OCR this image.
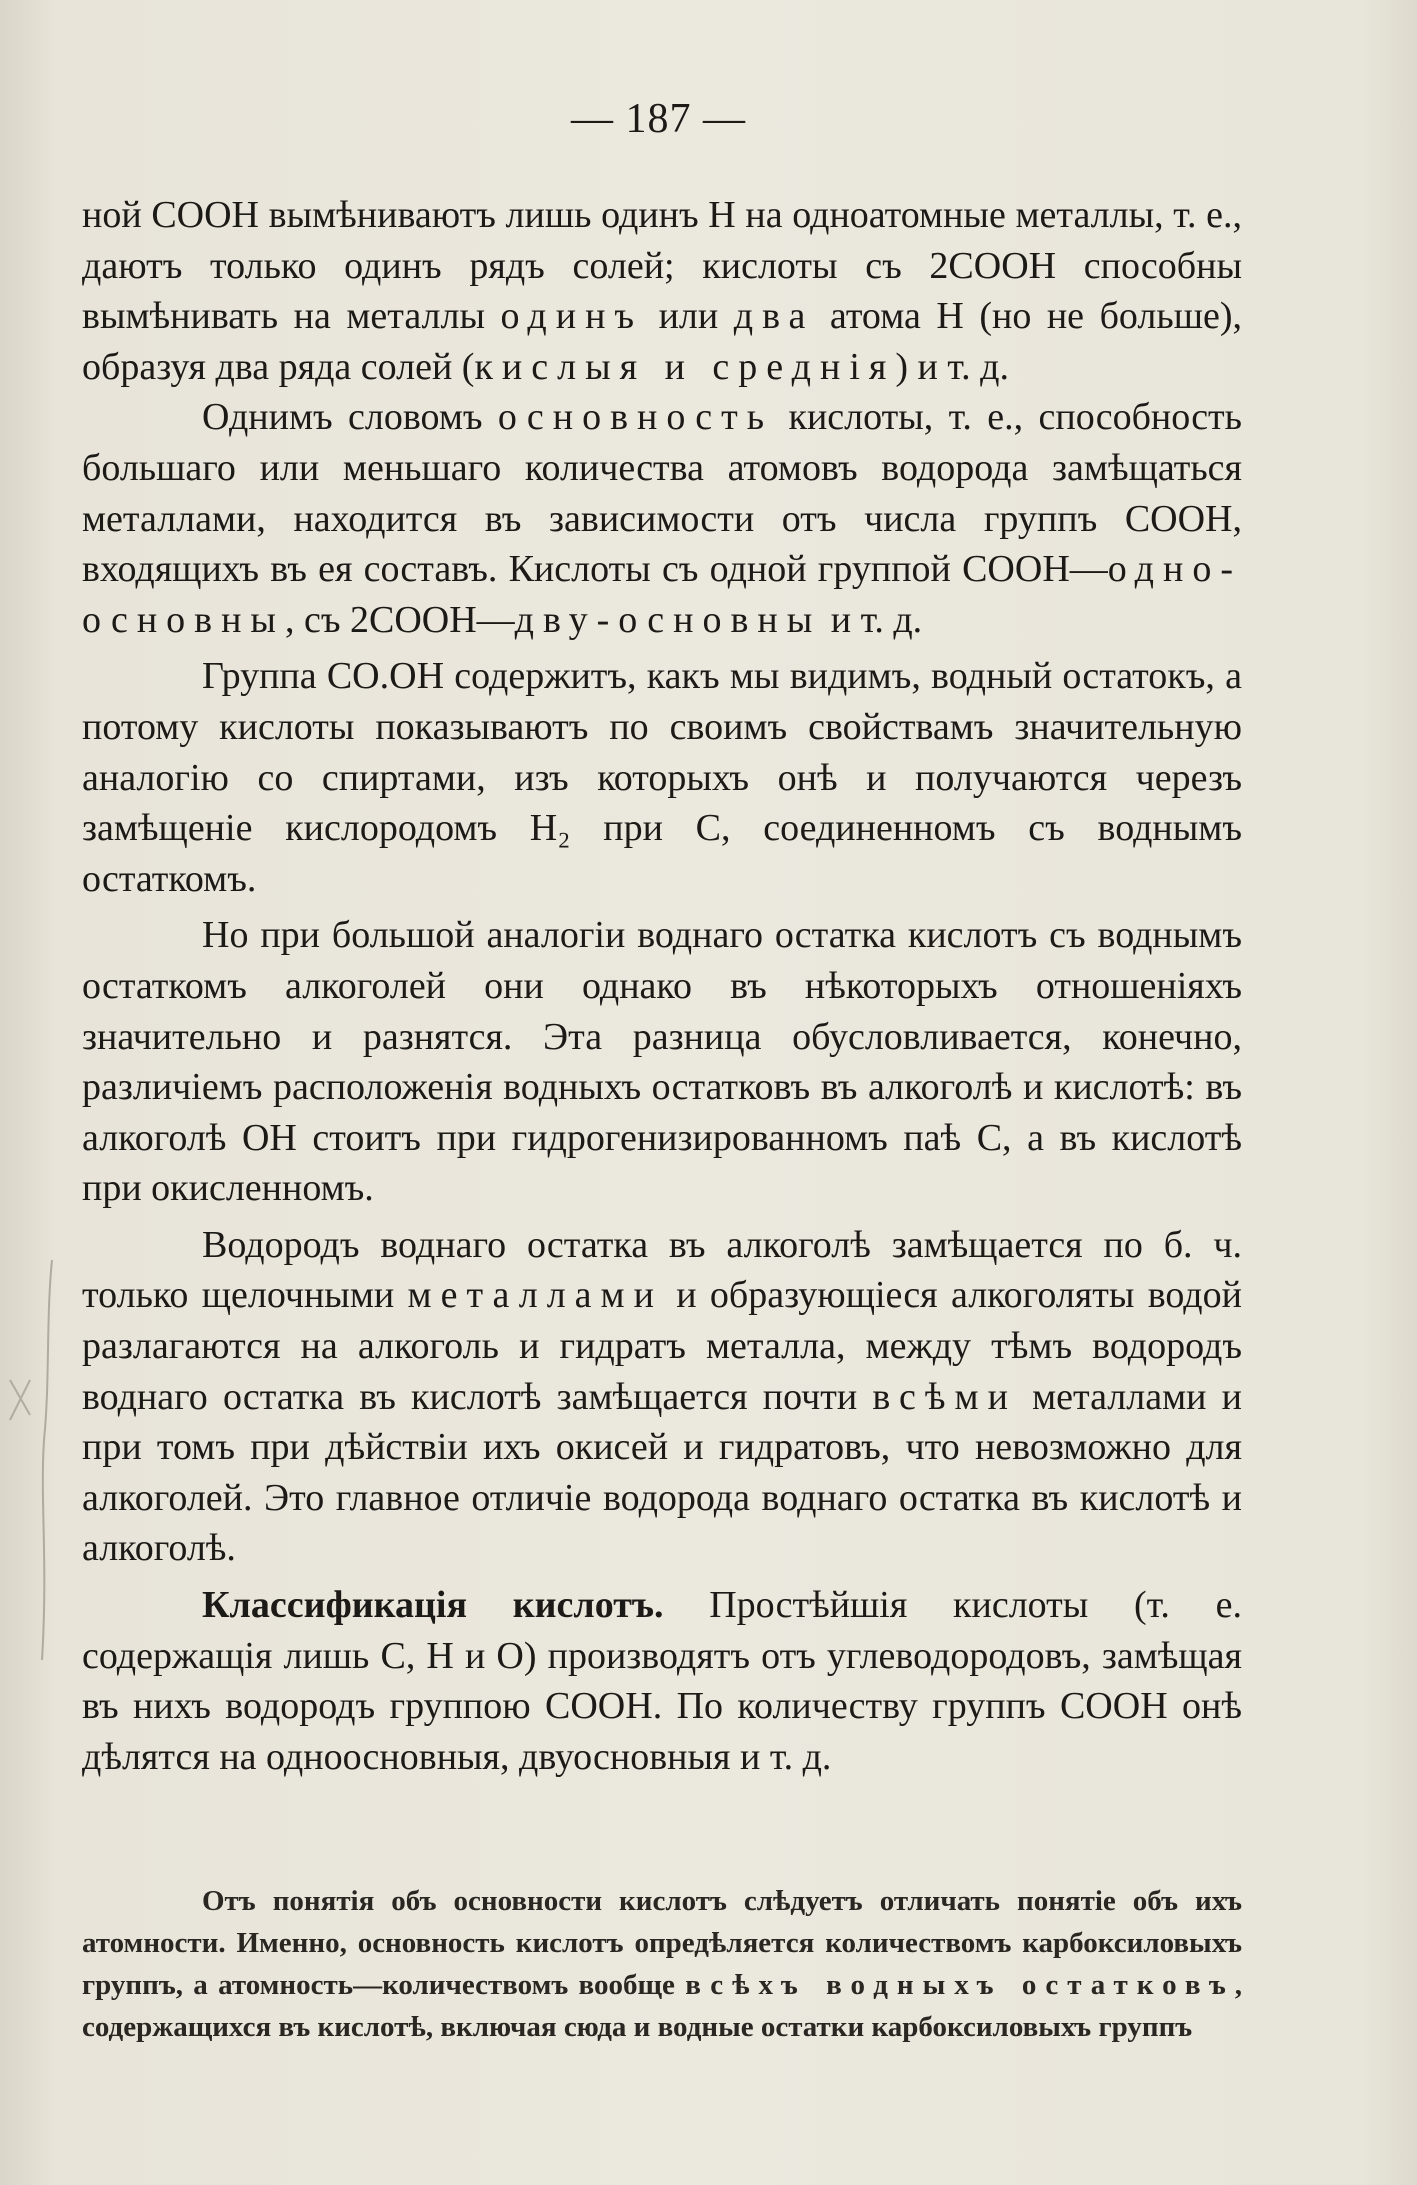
— 187 —

ной СООН вымѣниваютъ лишь одинъ Н на одноатомные металлы, т. е., даютъ только одинъ рядъ солей; кислоты съ 2СООН способны вымѣнивать на металлы одинъ или два атома Н (но не больше), образуя два ряда солей (кислыя и среднія) и т. д.

Однимъ словомъ основность кислоты, т. е., способность большаго или меньшаго количества атомовъ водорода замѣщаться металлами, находится въ зависимости отъ числа группъ СООН, входящихъ въ ея составъ. Кислоты съ одной группой СООН—одно-основны, съ 2СООН—дву-основны и т. д.

Группа СО.ОН содержитъ, какъ мы видимъ, водный остатокъ, а потому кислоты показываютъ по своимъ свойствамъ значительную аналогію со спиртами, изъ которыхъ онѣ и получаются черезъ замѣщеніе кислородомъ Н₂ при С, соединенномъ съ воднымъ остаткомъ.

Но при большой аналогіи воднаго остатка кислотъ съ воднымъ остаткомъ алкоголей они однако въ нѣкоторыхъ отношеніяхъ значительно и разнятся. Эта разница обусловливается, конечно, различіемъ расположенія водныхъ остатковъ въ алкоголѣ и кислотѣ: въ алкоголѣ ОН стоитъ при гидрогенизированномъ паѣ С, а въ кислотѣ при окисленномъ.

Водородъ воднаго остатка въ алкоголѣ замѣщается по б. ч. только щелочными металлами и образующіеся алкоголяты водой разлагаются на алкоголь и гидратъ металла, между тѣмъ водородъ воднаго остатка въ кислотѣ замѣщается почти всѣми металлами и при томъ при дѣйствіи ихъ окисей и гидратовъ, что невозможно для алкоголей. Это главное отличіе водорода воднаго остатка въ кислотѣ и алкоголѣ.

Классификація кислотъ. Простѣйшія кислоты (т. е. содержащія лишь С, Н и О) производятъ отъ углеводородовъ, замѣщая въ нихъ водородъ группою СООН. По количеству группъ СООН онѣ дѣлятся на одноосновныя, двуосновныя и т. д.

Отъ понятія объ основности кислотъ слѣдуетъ отличать понятіе объ ихъ атомности. Именно, основность кислотъ опредѣляется количествомъ карбоксиловыхъ группъ, а атомность—количествомъ вообще всѣхъ водныхъ остатковъ, содержащихся въ кислотѣ, включая сюда и водные остатки карбоксиловыхъ группъ
